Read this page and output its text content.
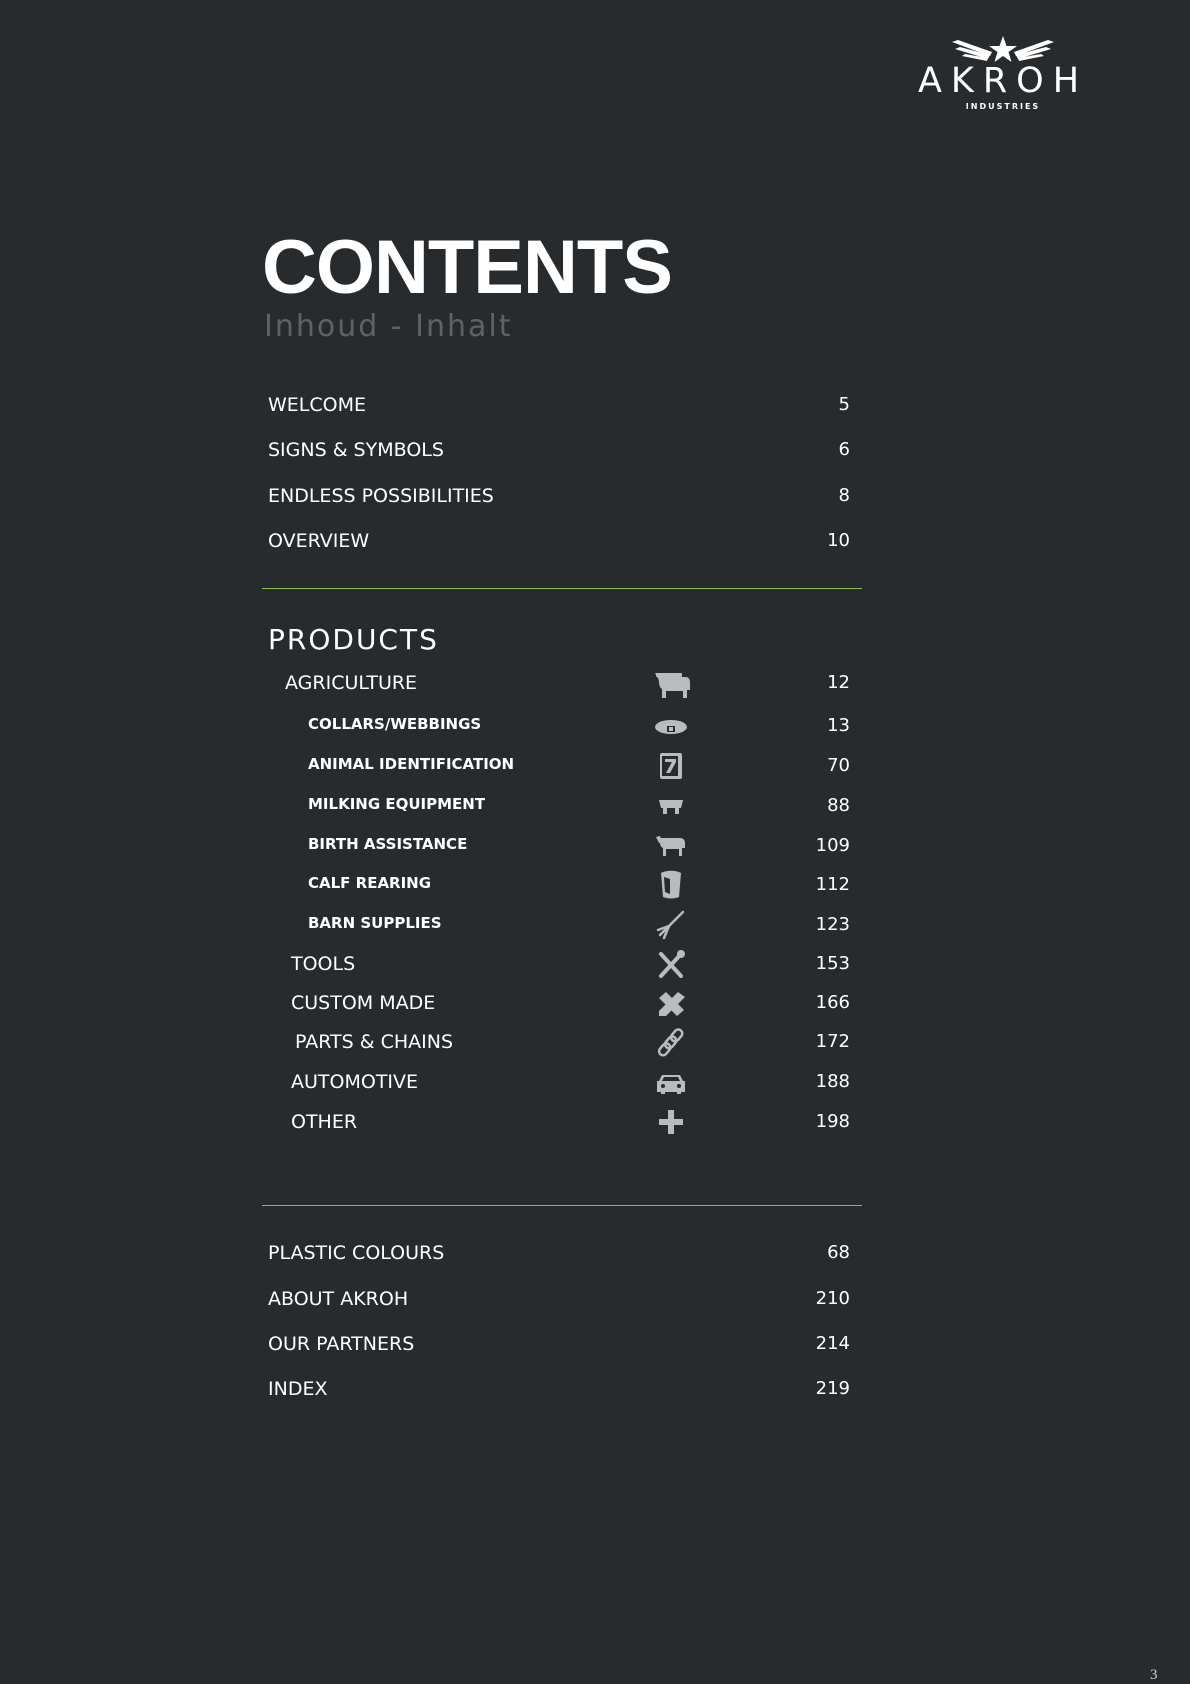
AKROH
INDUSTRIES
CONTENTS
Inhoud - Inhalt
WELCOME	5
SIGNS & SYMBOLS	6
ENDLESS POSSIBILITIES	8
OVERVIEW	10
PRODUCTS
AGRICULTURE	12
COLLARS/WEBBINGS	13
ANIMAL IDENTIFICATION	70
MILKING EQUIPMENT	88
BIRTH ASSISTANCE	109
CALF REARING	112
BARN SUPPLIES	123
TOOLS	153
CUSTOM MADE	166
PARTS & CHAINS	172
AUTOMOTIVE	188
OTHER	198
PLASTIC COLOURS	68
ABOUT AKROH	210
OUR PARTNERS	214
INDEX	219
3
